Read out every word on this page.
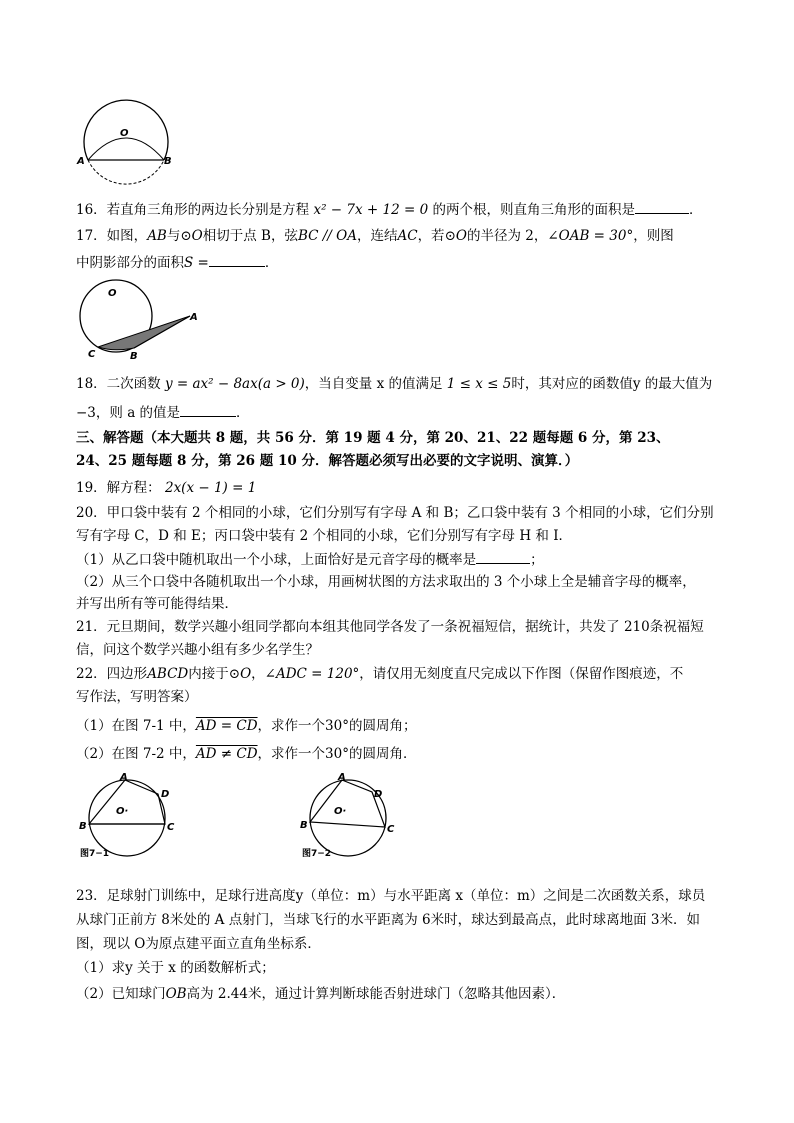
O
A	B
16．若直角三角形的两边长分别是方程 x² − 7x + 12 = 0 的两个根，则直角三角形的面积是	．
17．如图，AB与⊙O相切于点 B，弦BC // OA，连结AC，若⊙O的半径为 2，∠OAB = 30°，则图
中阴影部分的面积S =	．
O
A
B
C
18．二次函数 y = ax² − 8ax(a > 0)，当自变量 x 的值满足 1 ≤ x ≤ 5时，其对应的函数值y 的最大值为
−3，则 a 的值是	．
三、解答题（本大题共 8 题，共 56 分．第 19 题 4 分，第 20、21、22 题每题 6 分，第 23、
24、25 题每题 8 分，第 26 题 10 分．解答题必须写出必要的文字说明、演算．）
19．解方程： 2x(x − 1) = 1
20．甲口袋中装有 2 个相同的小球，它们分别写有字母 A 和 B；乙口袋中装有 3 个相同的小球，它们分别
写有字母 C，D 和 E；丙口袋中装有 2 个相同的小球，它们分别写有字母 H 和 I．
（1）从乙口袋中随机取出一个小球，上面恰好是元音字母的概率是	；
（2）从三个口袋中各随机取出一个小球，用画树状图的方法求取出的 3 个小球上全是辅音字母的概率，
并写出所有等可能得结果．
21．元旦期间，数学兴趣小组同学都向本组其他同学各发了一条祝福短信，据统计，共发了 210条祝福短
信，问这个数学兴趣小组有多少名学生？
22．四边形ABCD内接于⊙O，∠ADC = 120°，请仅用无刻度直尺完成以下作图（保留作图痕迹，不
写作法，写明答案）
（1）在图 7-1 中，AD = CD，求作一个30°的圆周角；
（2）在图 7-2 中，AD ≠ CD，求作一个30°的圆周角．
A
D
O·
B	C
图7−1
A
D
O·
B	C
图7−2
23．足球射门训练中，足球行进高度y（单位：m）与水平距离 x（单位：m）之间是二次函数关系，球员
从球门正前方 8米处的 A 点射门，当球飞行的水平距离为 6米时，球达到最高点，此时球离地面 3米．如
图，现以 O为原点建平面立直角坐标系．
（1）求y 关于 x 的函数解析式；
（2）已知球门OB高为 2.44米，通过计算判断球能否射进球门（忽略其他因素）．
